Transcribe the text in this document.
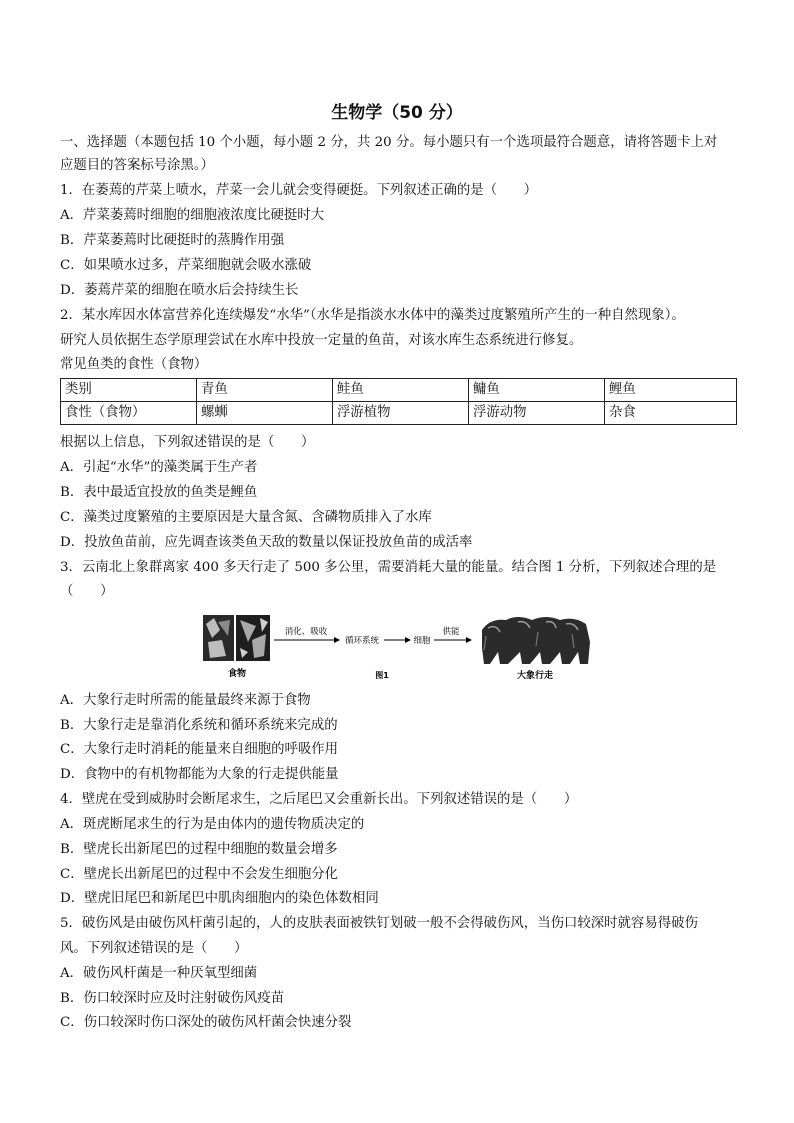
生物学（50 分）
一、选择题（本题包括 10 个小题，每小题 2 分，共 20 分。每小题只有一个选项最符合题意，请将答题卡上对
应题目的答案标号涂黑。）
1．在萎蔫的芹菜上喷水，芹菜一会儿就会变得硬挺。下列叙述正确的是（　　）
A．芹菜萎蔫时细胞的细胞液浓度比硬挺时大
B．芹菜萎蔫时比硬挺时的蒸腾作用强
C．如果喷水过多，芹菜细胞就会吸水涨破
D．萎蔫芹菜的细胞在喷水后会持续生长
2．某水库因水体富营养化连续爆发“水华”（水华是指淡水水体中的藻类过度繁殖所产生的一种自然现象）。
研究人员依据生态学原理尝试在水库中投放一定量的鱼苗，对该水库生态系统进行修复。
常见鱼类的食性（食物）
类别	青鱼	鲑鱼	鳙鱼	鲤鱼
食性（食物）	螺蛳	浮游植物	浮游动物	杂食
根据以上信息，下列叙述错误的是（　　）
A．引起“水华”的藻类属于生产者
B．表中最适宜投放的鱼类是鲤鱼
C．藻类过度繁殖的主要原因是大量含氮、含磷物质排入了水库
D．投放鱼苗前，应先调查该类鱼天敌的数量以保证投放鱼苗的成活率
3．云南北上象群离家 400 多天行走了 500 多公里，需要消耗大量的能量。结合图 1 分析，下列叙述合理的是
（　　）
食物
消化、吸收
循环系统	细胞
供能
图1	大象行走
A．大象行走时所需的能量最终来源于食物
B．大象行走是靠消化系统和循环系统来完成的
C．大象行走时消耗的能量来自细胞的呼吸作用
D．食物中的有机物都能为大象的行走提供能量
4．壁虎在受到威胁时会断尾求生，之后尾巴又会重新长出。下列叙述错误的是（　　）
A．斑虎断尾求生的行为是由体内的遗传物质决定的
B．壁虎长出新尾巴的过程中细胞的数量会增多
C．壁虎长出新尾巴的过程中不会发生细胞分化
D．壁虎旧尾巴和新尾巴中肌肉细胞内的染色体数相同
5．破伤风是由破伤风杆菌引起的，人的皮肤表面被铁钉划破一般不会得破伤风，当伤口较深时就容易得破伤
风。下列叙述错误的是（　　）
A．破伤风杆菌是一种厌氧型细菌
B．伤口较深时应及时注射破伤风疫苗
C．伤口较深时伤口深处的破伤风杆菌会快速分裂
